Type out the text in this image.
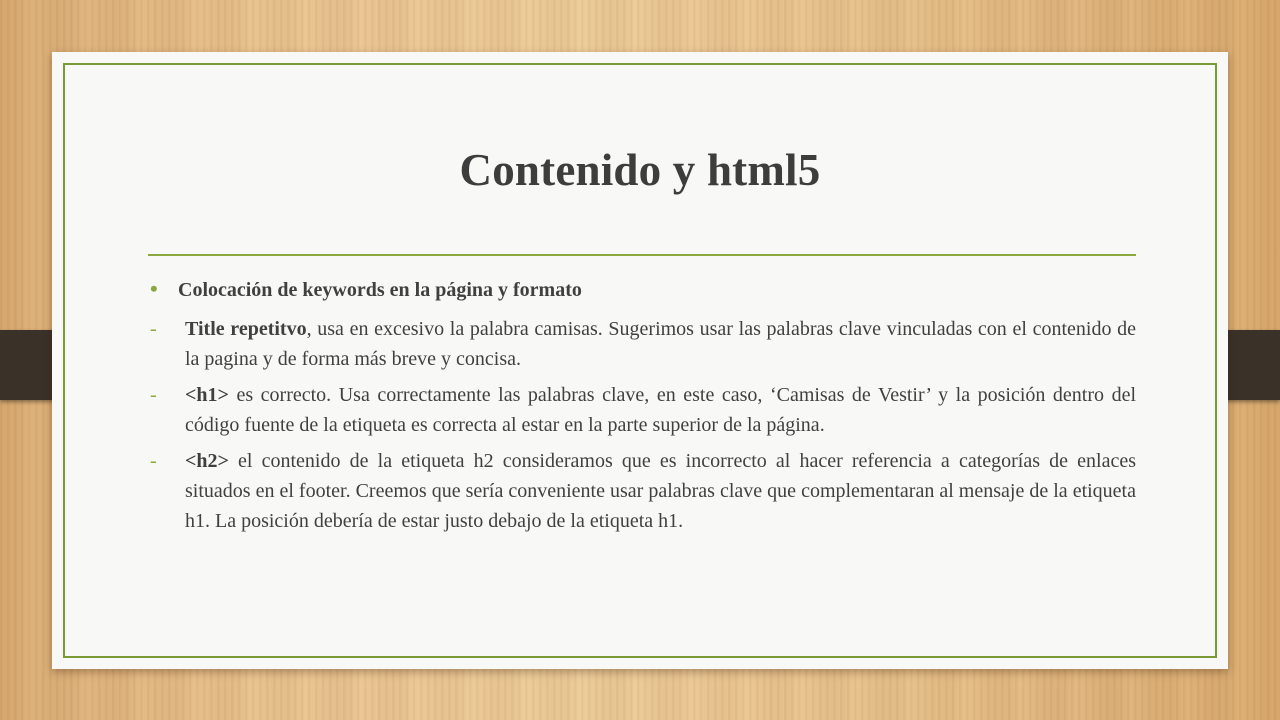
Contenido y html5
•	Colocación de keywords en la página y formato
-	Title repetitvo, usa en excesivo la palabra camisas. Sugerimos usar las palabras clave vinculadas con el contenido de la pagina y de forma más breve y concisa.
-	<h1> es correcto. Usa correctamente las palabras clave, en este caso, ‘Camisas de Vestir’ y la posición dentro del código fuente de la etiqueta es correcta al estar en la parte superior de la página.
-	<h2> el contenido de la etiqueta h2 consideramos que es incorrecto al hacer referencia a categorías de enlaces situados en el footer. Creemos que sería conveniente usar palabras clave que complementaran al mensaje de la etiqueta h1. La posición debería de estar justo debajo de la etiqueta h1.
